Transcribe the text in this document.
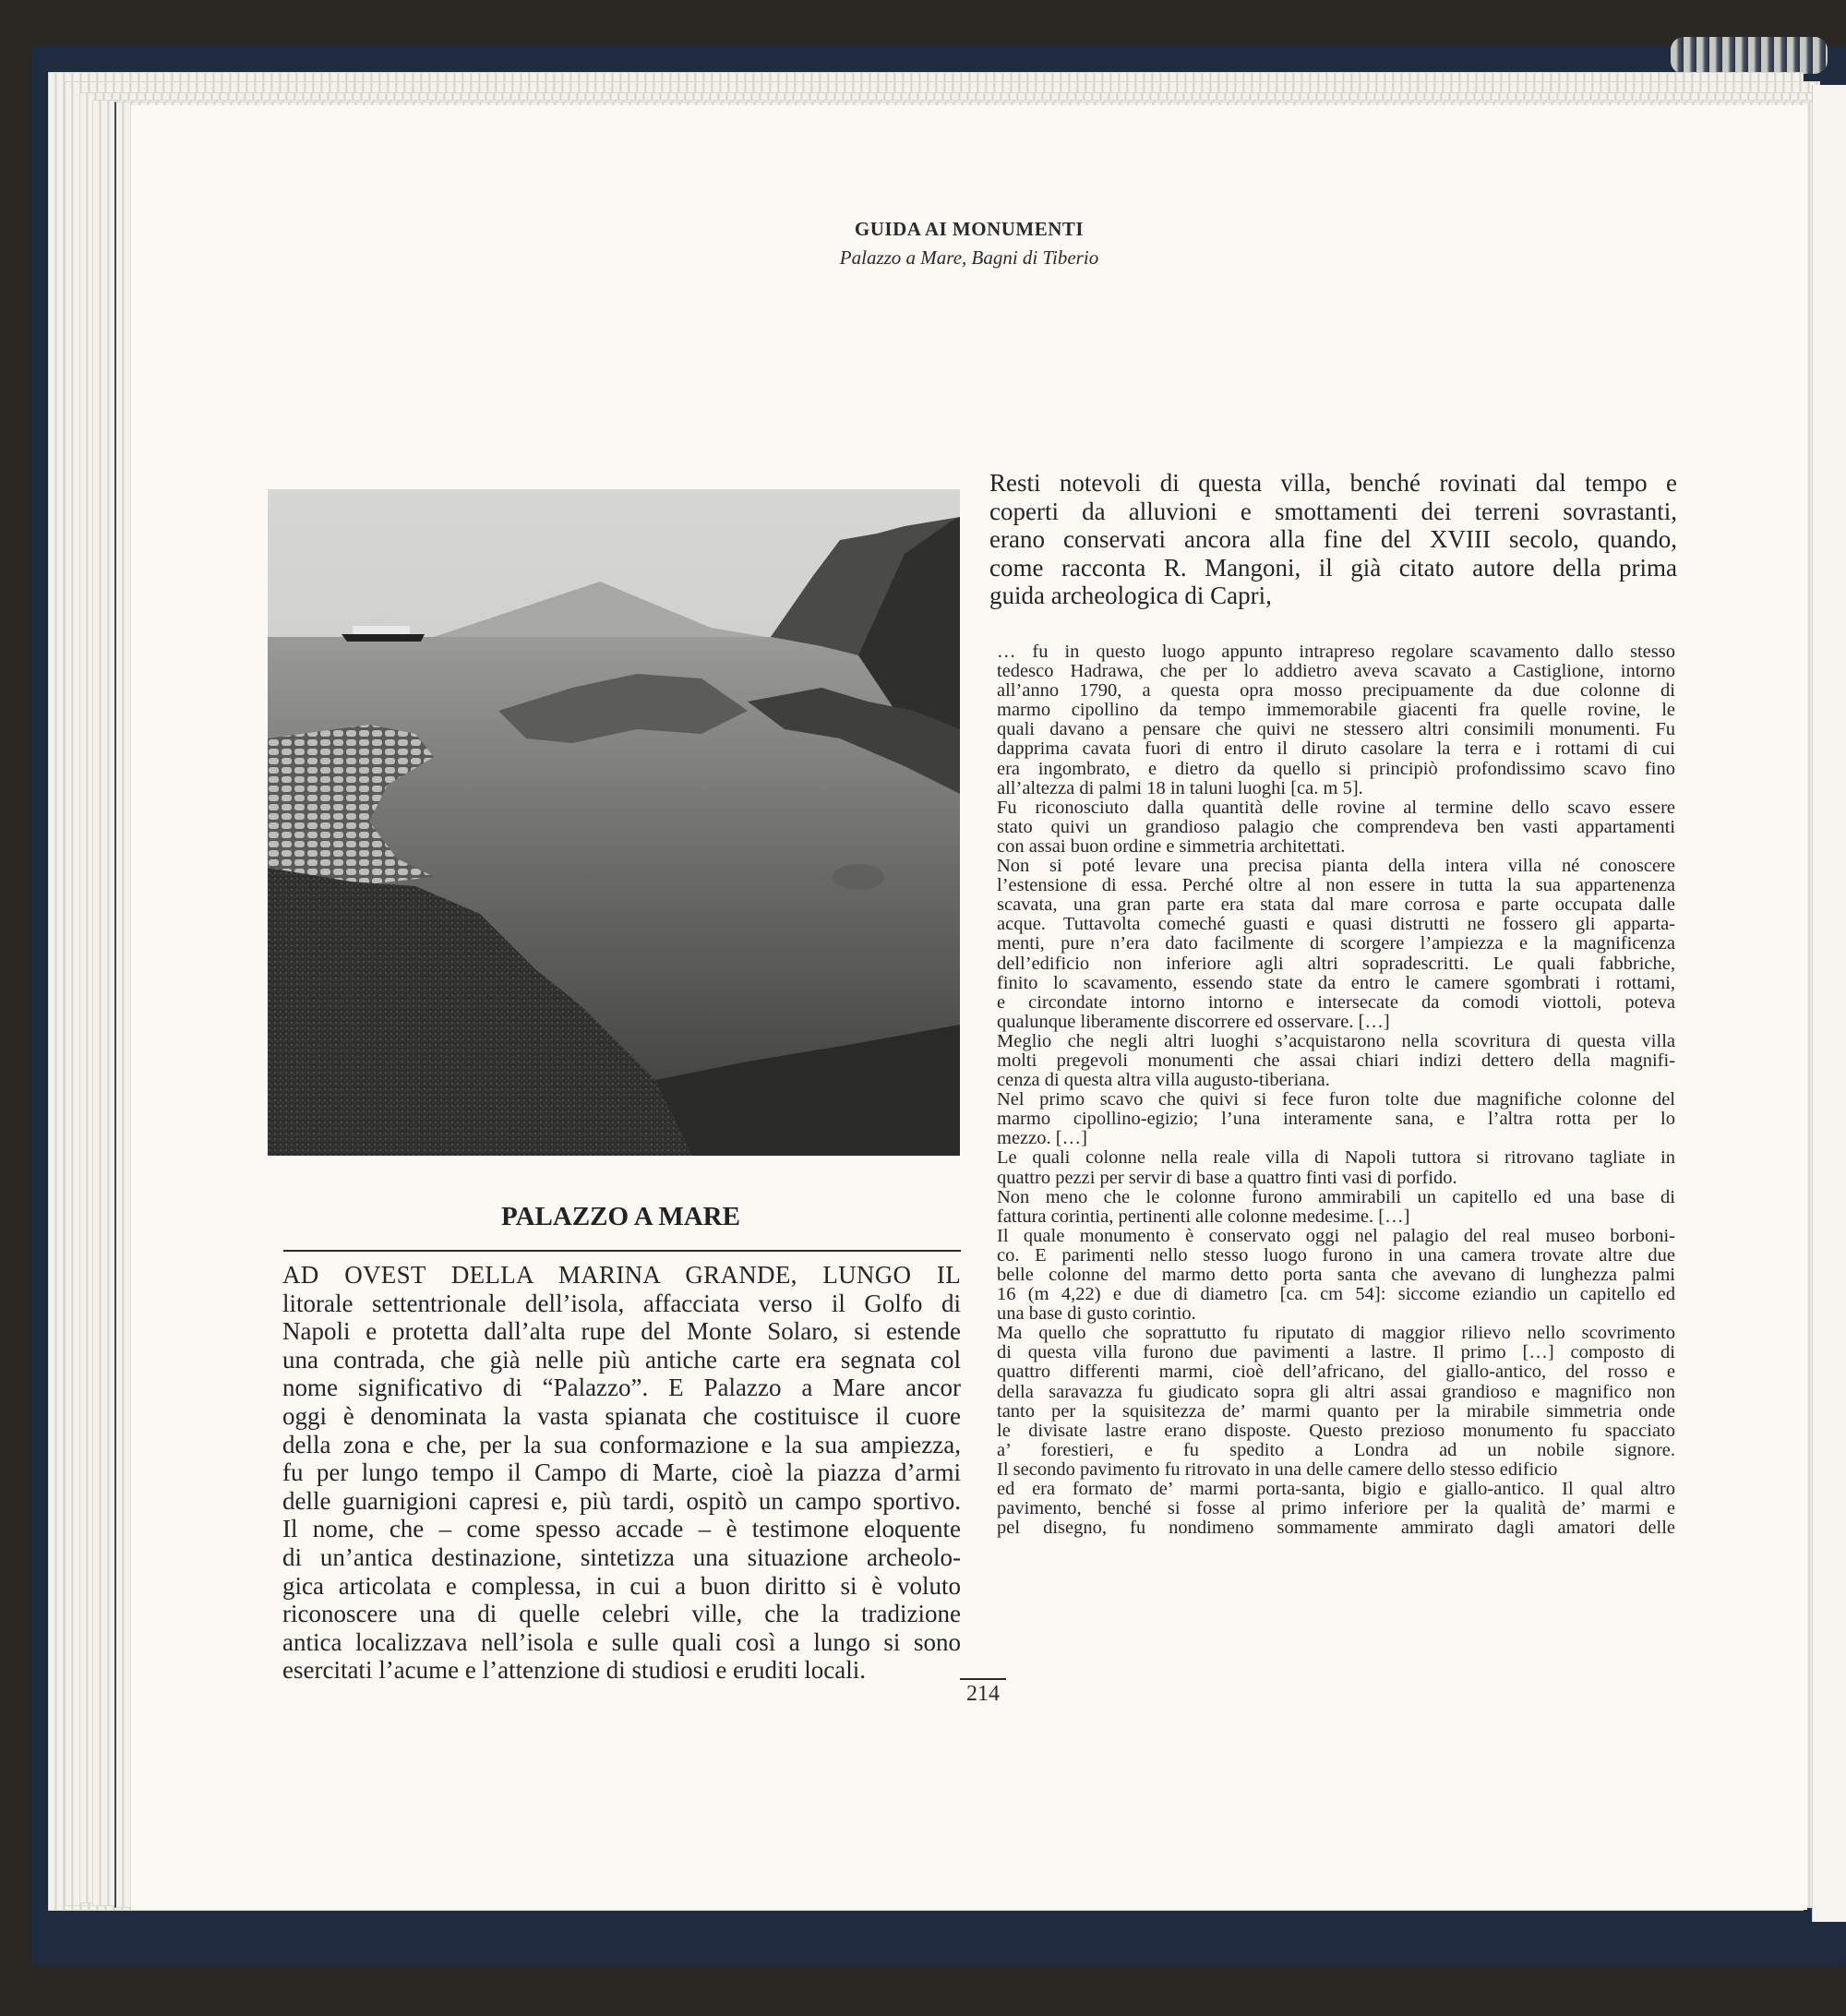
GUIDA AI MONUMENTI
Palazzo a Mare, Bagni di Tiberio
PALAZZO A MARE
AD OVEST DELLA MARINA GRANDE, LUNGO IL
litorale settentrionale dell’isola, affacciata verso il Golfo di
Napoli e protetta dall’alta rupe del Monte Solaro, si estende
una contrada, che già nelle più antiche carte era segnata col
nome significativo di “Palazzo”. E Palazzo a Mare ancor
oggi è denominata la vasta spianata che costituisce il cuore
della zona e che, per la sua conformazione e la sua ampiezza,
fu per lungo tempo il Campo di Marte, cioè la piazza d’armi
delle guarnigioni capresi e, più tardi, ospitò un campo sportivo.
Il nome, che – come spesso accade – è testimone eloquente
di un’antica destinazione, sintetizza una situazione archeolo-
gica articolata e complessa, in cui a buon diritto si è voluto
riconoscere una di quelle celebri ville, che la tradizione
antica localizzava nell’isola e sulle quali così a lungo si sono
esercitati l’acume e l’attenzione di studiosi e eruditi locali.
Resti notevoli di questa villa, benché rovinati dal tempo e
coperti da alluvioni e smottamenti dei terreni sovrastanti,
erano conservati ancora alla fine del XVIII secolo, quando,
come racconta R. Mangoni, il già citato autore della prima
guida archeologica di Capri,
… fu in questo luogo appunto intrapreso regolare scavamento dallo stesso
tedesco Hadrawa, che per lo addietro aveva scavato a Castiglione, intorno
all’anno 1790, a questa opra mosso precipuamente da due colonne di
marmo cipollino da tempo immemorabile giacenti fra quelle rovine, le
quali davano a pensare che quivi ne stessero altri consimili monumenti. Fu
dapprima cavata fuori di entro il diruto casolare la terra e i rottami di cui
era ingombrato, e dietro da quello si principiò profondissimo scavo fino
all’altezza di palmi 18 in taluni luoghi [ca. m 5].
Fu riconosciuto dalla quantità delle rovine al termine dello scavo essere
stato quivi un grandioso palagio che comprendeva ben vasti appartamenti
con assai buon ordine e simmetria architettati.
Non si poté levare una precisa pianta della intera villa né conoscere
l’estensione di essa. Perché oltre al non essere in tutta la sua appartenenza
scavata, una gran parte era stata dal mare corrosa e parte occupata dalle
acque. Tuttavolta comeché guasti e quasi distrutti ne fossero gli apparta-
menti, pure n’era dato facilmente di scorgere l’ampiezza e la magnificenza
dell’edificio non inferiore agli altri sopradescritti. Le quali fabbriche,
finito lo scavamento, essendo state da entro le camere sgombrati i rottami,
e circondate intorno intorno e intersecate da comodi viottoli, poteva
qualunque liberamente discorrere ed osservare. […]
Meglio che negli altri luoghi s’acquistarono nella scovritura di questa villa
molti pregevoli monumenti che assai chiari indizi dettero della magnifi-
cenza di questa altra villa augusto-tiberiana.
Nel primo scavo che quivi si fece furon tolte due magnifiche colonne del
marmo cipollino-egizio; l’una interamente sana, e l’altra rotta per lo
mezzo. […]
Le quali colonne nella reale villa di Napoli tuttora si ritrovano tagliate in
quattro pezzi per servir di base a quattro finti vasi di porfido.
Non meno che le colonne furono ammirabili un capitello ed una base di
fattura corintia, pertinenti alle colonne medesime. […]
Il quale monumento è conservato oggi nel palagio del real museo borboni-
co. E parimenti nello stesso luogo furono in una camera trovate altre due
belle colonne del marmo detto porta santa che avevano di lunghezza palmi
16 (m 4,22) e due di diametro [ca. cm 54]: siccome eziandio un capitello ed
una base di gusto corintio.
Ma quello che soprattutto fu riputato di maggior rilievo nello scovrimento
di questa villa furono due pavimenti a lastre. Il primo […] composto di
quattro differenti marmi, cioè dell’africano, del giallo-antico, del rosso e
della saravazza fu giudicato sopra gli altri assai grandioso e magnifico non
tanto per la squisitezza de’ marmi quanto per la mirabile simmetria onde
le divisate lastre erano disposte. Questo prezioso monumento fu spacciato
a’ forestieri, e fu spedito a Londra ad un nobile signore.
Il secondo pavimento fu ritrovato in una delle camere dello stesso edificio
ed era formato de’ marmi porta-santa, bigio e giallo-antico. Il qual altro
pavimento, benché si fosse al primo inferiore per la qualità de’ marmi e
pel disegno, fu nondimeno sommamente ammirato dagli amatori delle
214
